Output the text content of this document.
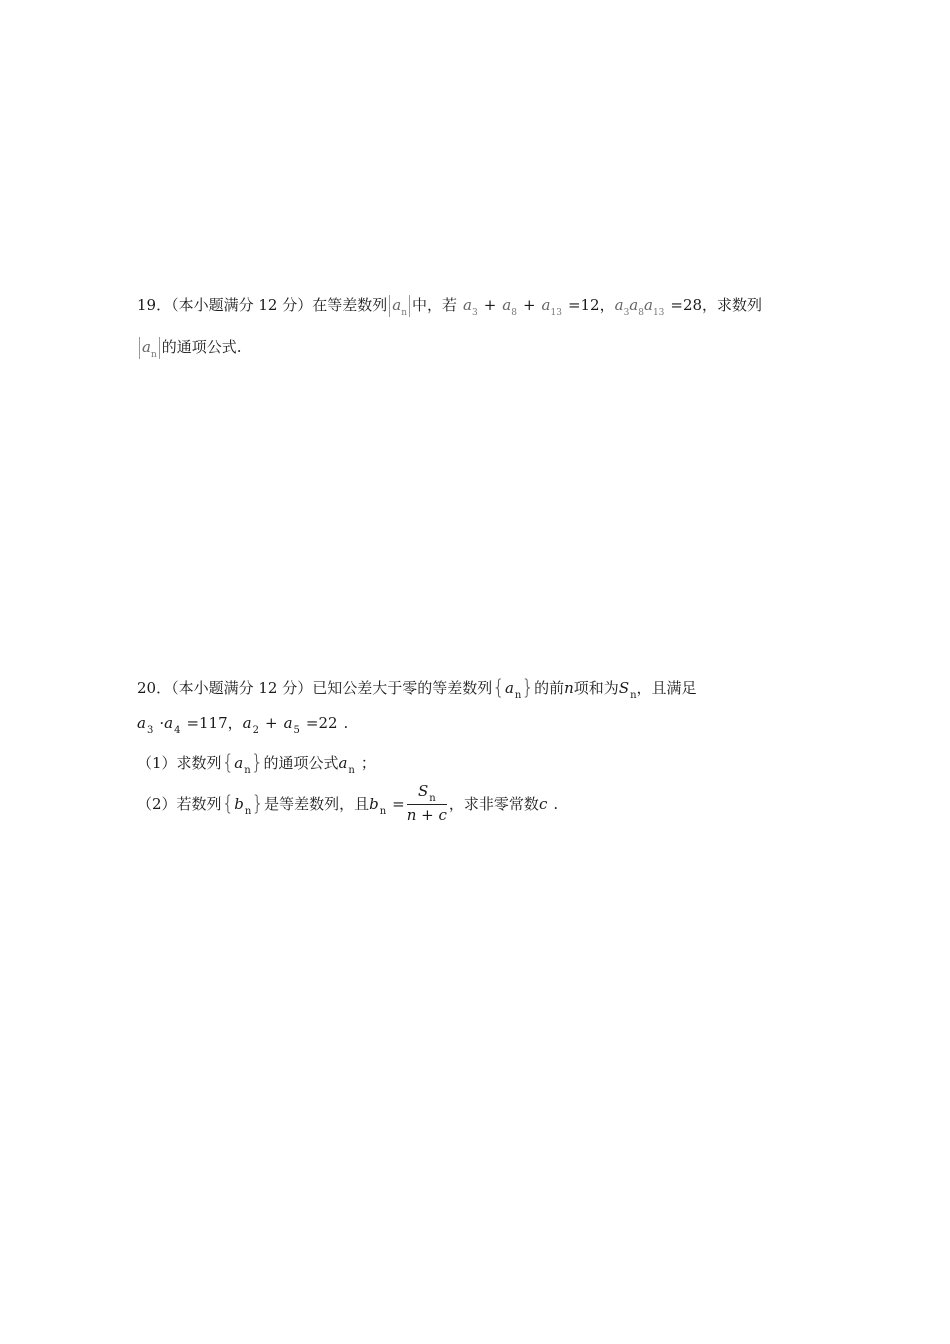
19．（本小题满分 12 分）在等差数列 $a_n$ 中，若 $a_3 + a_8 + a_{13} =12$，$a_3a_8a_{13} =28$，求数列
$a_n$ 的通项公式.
20．（本小题满分 12 分）已知公差大于零的等差数列$\{a_n\}$的前n项和为$S_n$，且满足
$a_3 \cdot a_4 =117$，$a_2 + a_5 =22$ .
（1）求数列$\{a_n\}$的通项公式$a_n$ ；
（2）若数列$\{b_n\}$是等差数列，且$b_n = \frac{S_n}{n + c}$ ，求非零常数c .
